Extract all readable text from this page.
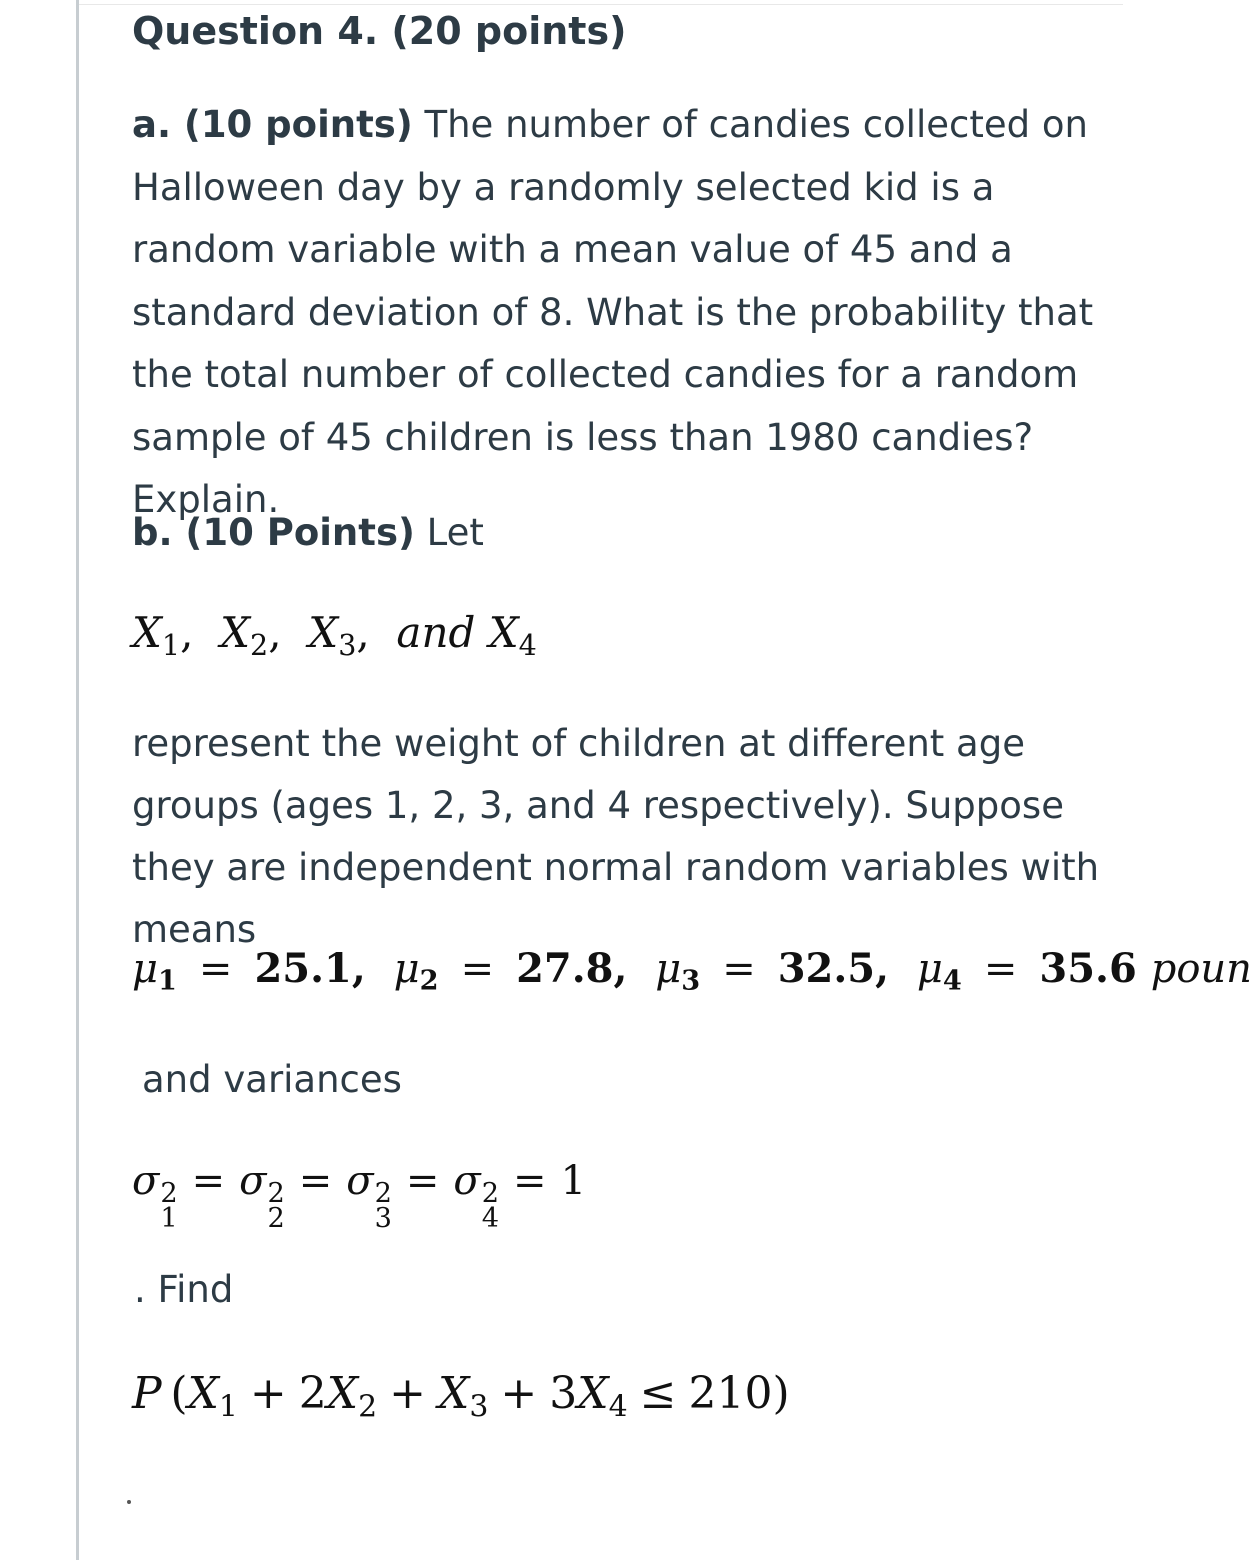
Question 4. (20 points)
a. (10 points) The number of candies collected on Halloween day by a randomly selected kid is a random variable with a mean value of 45 and a standard deviation of 8. What is the probability that the total number of collected candies for a random sample of 45 children is less than 1980 candies? Explain.
b. (10 Points) Let
$X_1$,  $X_2$,  $X_3$,  and $X_4$
represent the weight of children at different age groups (ages 1, 2, 3, and 4 respectively). Suppose they are independent normal random variables with means
$\mu_1 = 25.1$,  $\mu_2 = 27.8$,  $\mu_3 = 32.5$,  $\mu_4 = 35.6$ poun
and variances
σ 2
1
= σ 2
2
= σ 2
3
= σ 2
4
= 1
. Find
P $(X_1 + 2X_2 + X_3 + 3X_4 \le 210)$
